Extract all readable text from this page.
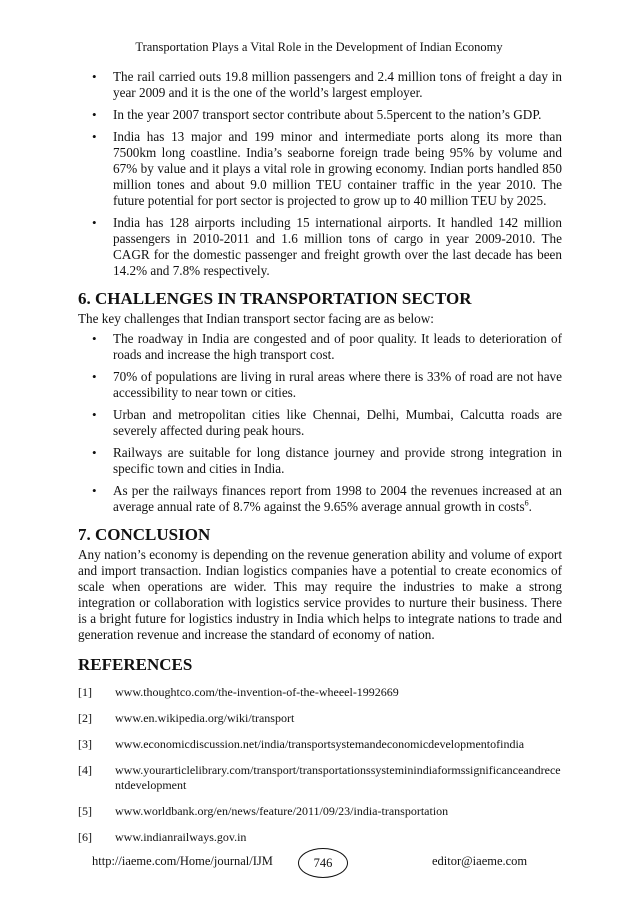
Transportation Plays a Vital Role in the Development of Indian Economy
• The rail carried outs 19.8 million passengers and 2.4 million tons of freight a day in year 2009 and it is the one of the world’s largest employer.
• In the year 2007 transport sector contribute about 5.5percent to the nation’s GDP.
• India has 13 major and 199 minor and intermediate ports along its more than 7500km long coastline. India’s seaborne foreign trade being 95% by volume and 67% by value and it plays a vital role in growing economy. Indian ports handled 850 million tones and about 9.0 million TEU container traffic in the year 2010. The future potential for port sector is projected to grow up to 40 million TEU by 2025.
• India has 128 airports including 15 international airports. It handled 142 million passengers in 2010-2011 and 1.6 million tons of cargo in year 2009-2010. The CAGR for the domestic passenger and freight growth over the last decade has been 14.2% and 7.8% respectively.
6. CHALLENGES IN TRANSPORTATION SECTOR

The key challenges that Indian transport sector facing are as below:

• The roadway in India are congested and of poor quality. It leads to deterioration of roads and increase the high transport cost.
• 70% of populations are living in rural areas where there is 33% of road are not have accessibility to near town or cities.
• Urban and metropolitan cities like Chennai, Delhi, Mumbai, Calcutta roads are severely affected during peak hours.
• Railways are suitable for long distance journey and provide strong integration in specific town and cities in India.
• As per the railways finances report from 1998 to 2004 the revenues increased at an average annual rate of 8.7% against the 9.65% average annual growth in costs$^6$.
7. CONCLUSION

Any nation’s economy is depending on the revenue generation ability and volume of export and import transaction. Indian logistics companies have a potential to create economics of scale when operations are wider. This may require the industries to make a strong integration or collaboration with logistics service provides to nurture their business. There is a bright future for logistics industry in India which helps to integrate nations to trade and generation revenue and increase the standard of economy of nation.

REFERENCES
[1]	www.thoughtco.com/the-invention-of-the-wheeel-1992669
[2]	www.en.wikipedia.org/wiki/transport
[3]	www.economicdiscussion.net/india/transportsystemandeconomicdevelopmentofindia
[4]	www.yourarticlelibrary.com/transport/transportationssysteminindiaformssignificanceandrecentdevelopment
[5]	www.worldbank.org/en/news/feature/2011/09/23/india-transportation
[6]	www.indianrailways.gov.in
http://iaeme.com/Home/journal/IJM	746	editor@iaeme.com
